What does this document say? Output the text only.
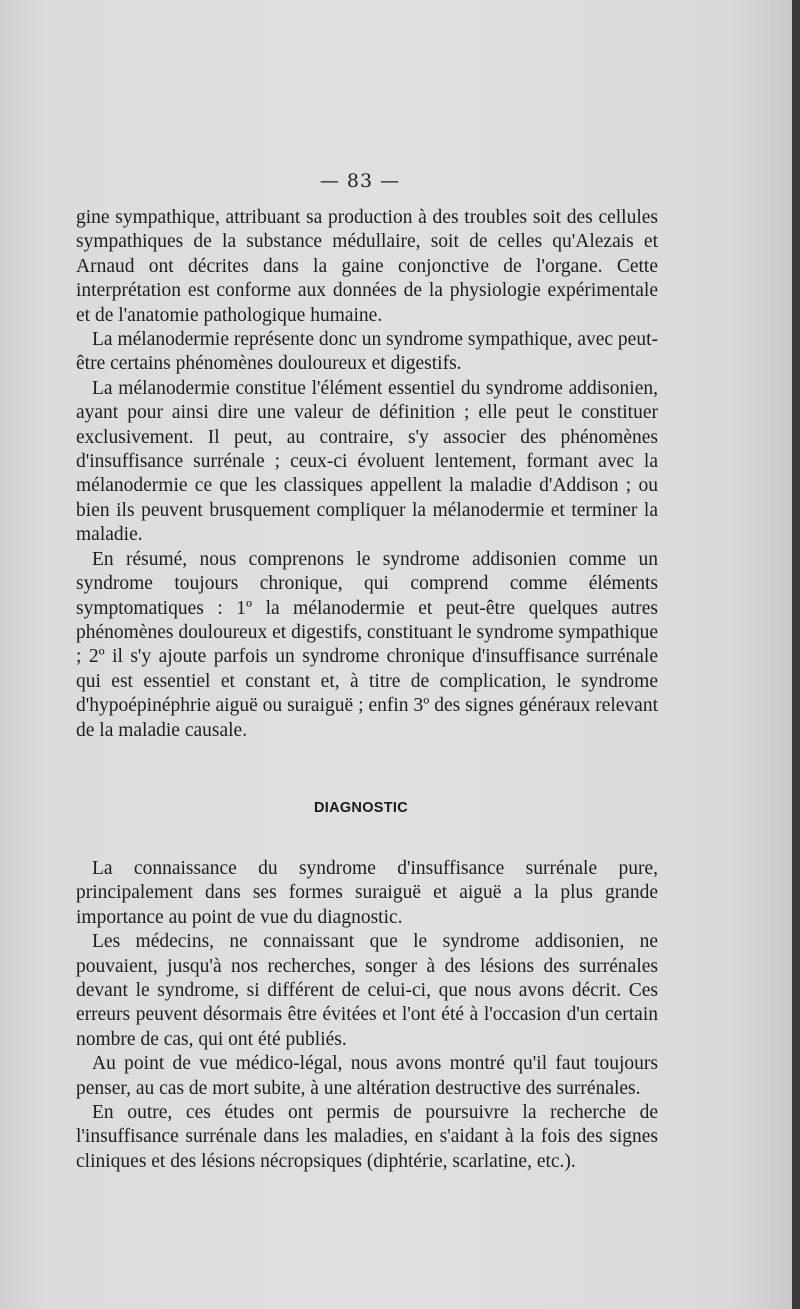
— 83 —

gine sympathique, attribuant sa production à des troubles soit des cellules sympathiques de la substance médullaire, soit de celles qu'Alezais et Arnaud ont décrites dans la gaine conjonctive de l'organe. Cette interprétation est conforme aux données de la physiologie expérimentale et de l'anatomie pathologique humaine.

La mélanodermie représente donc un syndrome sympathique, avec peut-être certains phénomènes douloureux et digestifs.

La mélanodermie constitue l'élément essentiel du syndrome addisonien, ayant pour ainsi dire une valeur de définition ; elle peut le constituer exclusivement. Il peut, au contraire, s'y associer des phénomènes d'insuffisance surrénale ; ceux-ci évoluent lentement, formant avec la mélanodermie ce que les classiques appellent la maladie d'Addison ; ou bien ils peuvent brusquement compliquer la mélanodermie et terminer la maladie.

En résumé, nous comprenons le syndrome addisonien comme un syndrome toujours chronique, qui comprend comme éléments symptomatiques : 1º la mélanodermie et peut-être quelques autres phénomènes douloureux et digestifs, constituant le syndrome sympathique ; 2º il s'y ajoute parfois un syndrome chronique d'insuffisance surrénale qui est essentiel et constant et, à titre de complication, le syndrome d'hypoépinéphrie aiguë ou suraiguë ; enfin 3º des signes généraux relevant de la maladie causale.

DIAGNOSTIC

La connaissance du syndrome d'insuffisance surrénale pure, principalement dans ses formes suraiguë et aiguë a la plus grande importance au point de vue du diagnostic.

Les médecins, ne connaissant que le syndrome addisonien, ne pouvaient, jusqu'à nos recherches, songer à des lésions des surrénales devant le syndrome, si différent de celui-ci, que nous avons décrit. Ces erreurs peuvent désormais être évitées et l'ont été à l'occasion d'un certain nombre de cas, qui ont été publiés.

Au point de vue médico-légal, nous avons montré qu'il faut toujours penser, au cas de mort subite, à une altération destructive des surrénales.

En outre, ces études ont permis de poursuivre la recherche de l'insuffisance surrénale dans les maladies, en s'aidant à la fois des signes cliniques et des lésions nécropsiques (diphtérie, scarlatine, etc.).
